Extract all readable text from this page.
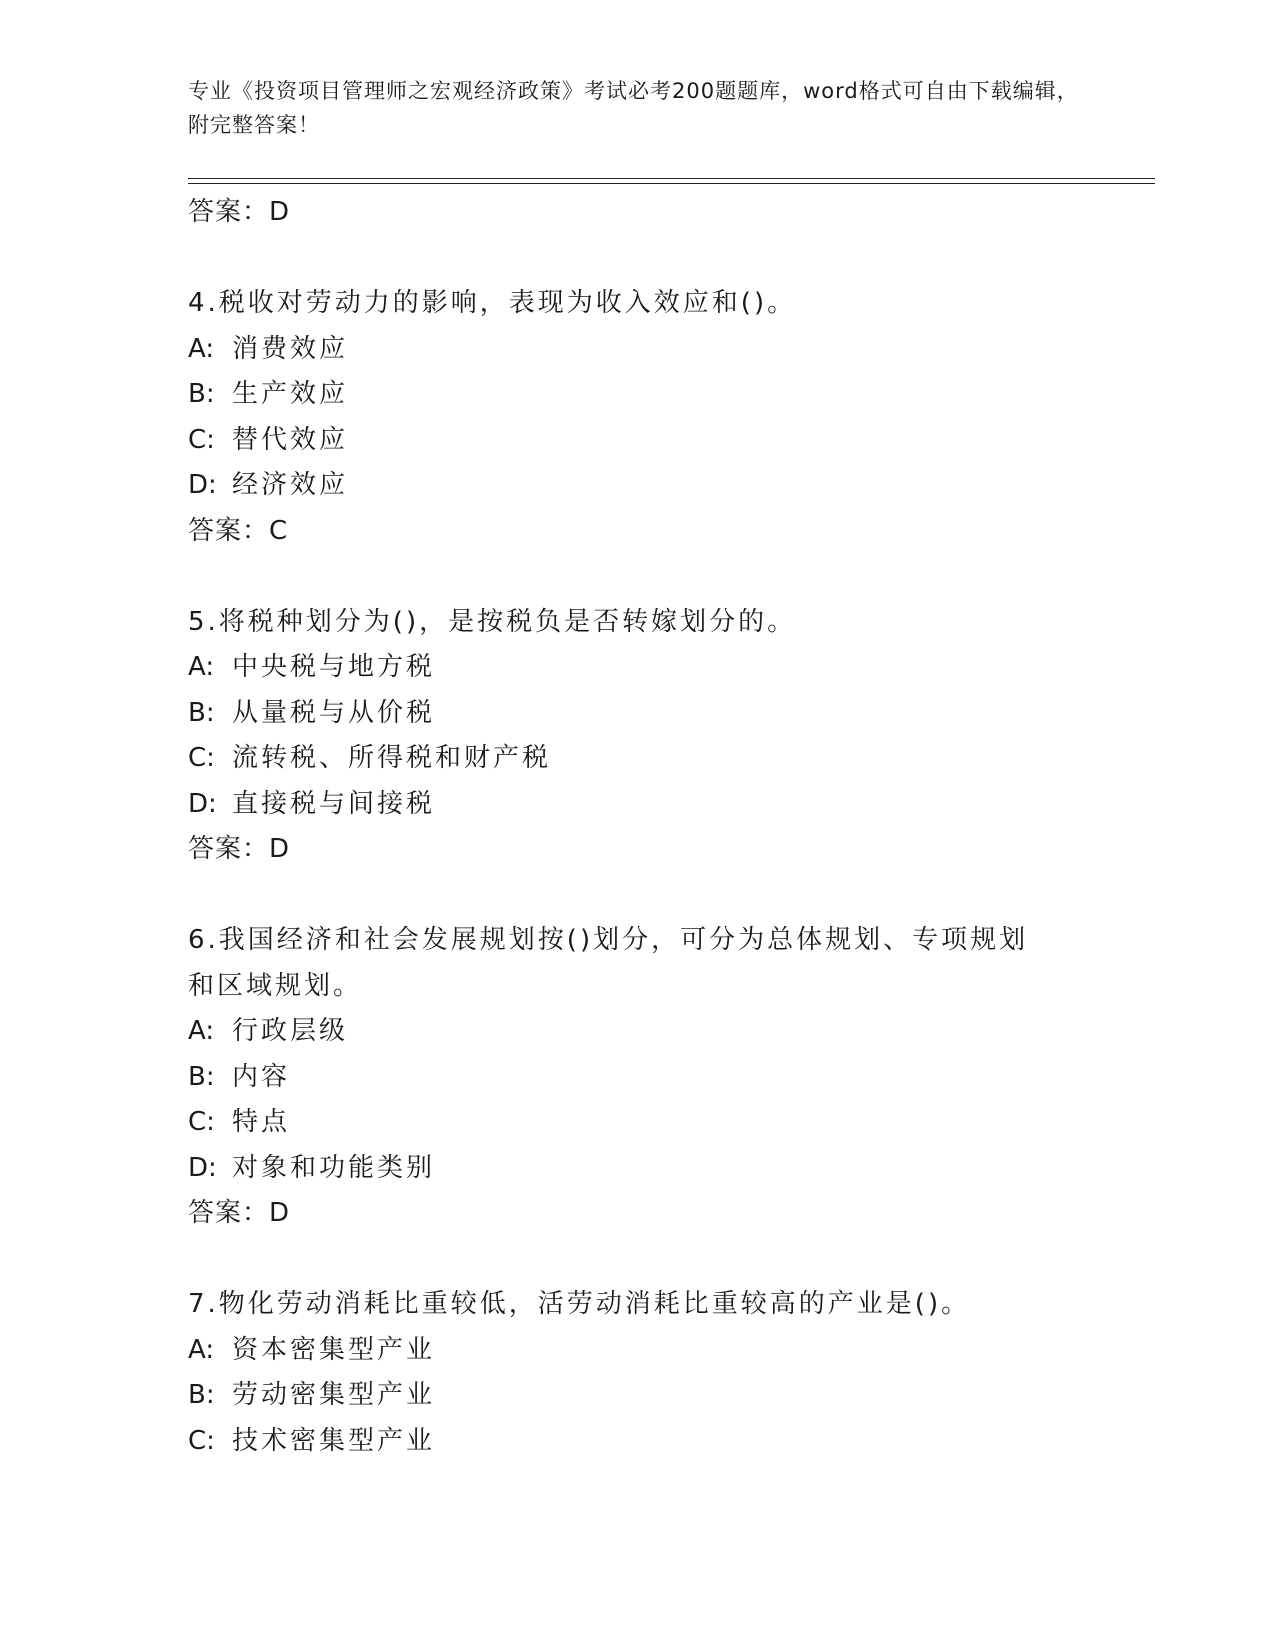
专业《投资项目管理师之宏观经济政策》考试必考200题题库，word格式可自由下载编辑，附完整答案！
答案：D
4.税收对劳动力的影响，表现为收入效应和()。
A: 消费效应
B: 生产效应
C: 替代效应
D: 经济效应
答案：C
5.将税种划分为()，是按税负是否转嫁划分的。
A: 中央税与地方税
B: 从量税与从价税
C: 流转税、所得税和财产税
D: 直接税与间接税
答案：D
6.我国经济和社会发展规划按()划分，可分为总体规划、专项规划和区域规划。
A: 行政层级
B: 内容
C: 特点
D: 对象和功能类别
答案：D
7.物化劳动消耗比重较低，活劳动消耗比重较高的产业是()。
A: 资本密集型产业
B: 劳动密集型产业
C: 技术密集型产业
